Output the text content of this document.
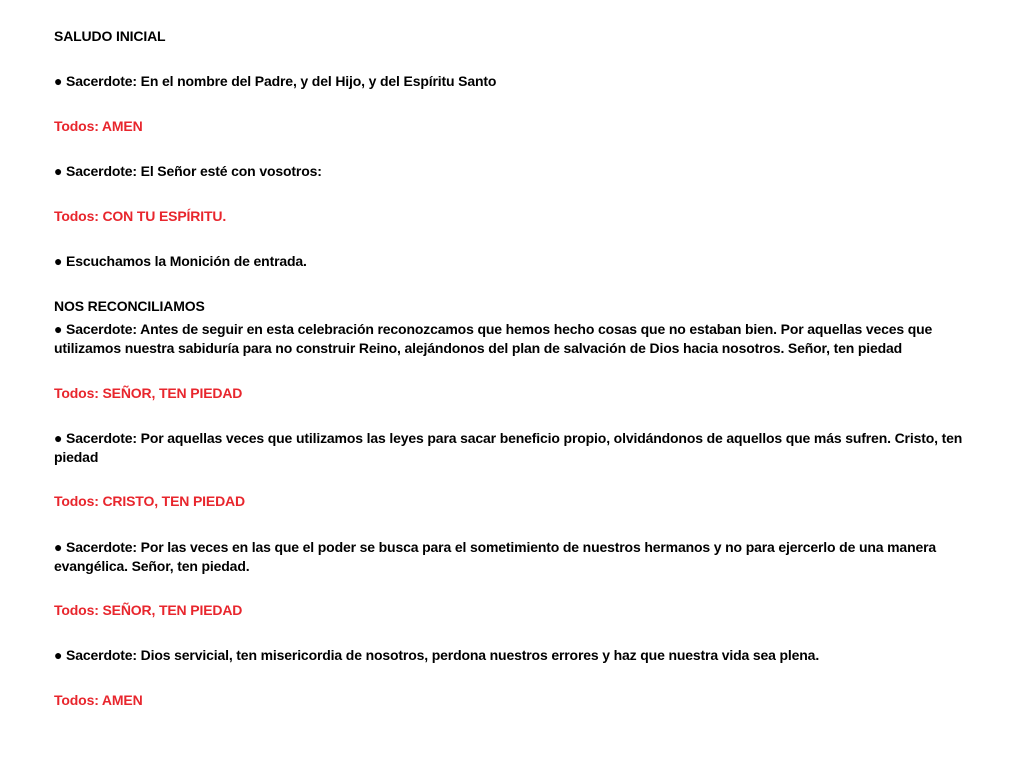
SALUDO INICIAL
● Sacerdote: En el nombre del Padre, y del Hijo, y del Espíritu Santo
Todos: AMEN
● Sacerdote: El Señor esté con vosotros:
Todos: CON TU ESPÍRITU.
● Escuchamos la Monición de entrada.
NOS RECONCILIAMOS
● Sacerdote: Antes de seguir en esta celebración reconozcamos que hemos hecho cosas que no estaban bien. Por aquellas veces que utilizamos nuestra sabiduría para no construir Reino, alejándonos del plan de salvación de Dios hacia nosotros. Señor, ten piedad
Todos: SEÑOR, TEN PIEDAD
● Sacerdote: Por aquellas veces que utilizamos las leyes para sacar beneficio propio, olvidándonos de aquellos que más sufren. Cristo, ten piedad
Todos: CRISTO, TEN PIEDAD
● Sacerdote: Por las veces en las que el poder se busca para el sometimiento de nuestros hermanos y no para ejercerlo de una manera evangélica. Señor, ten piedad.
Todos: SEÑOR, TEN PIEDAD
● Sacerdote: Dios servicial, ten misericordia de nosotros, perdona nuestros errores y haz que nuestra vida sea plena.
Todos: AMEN
